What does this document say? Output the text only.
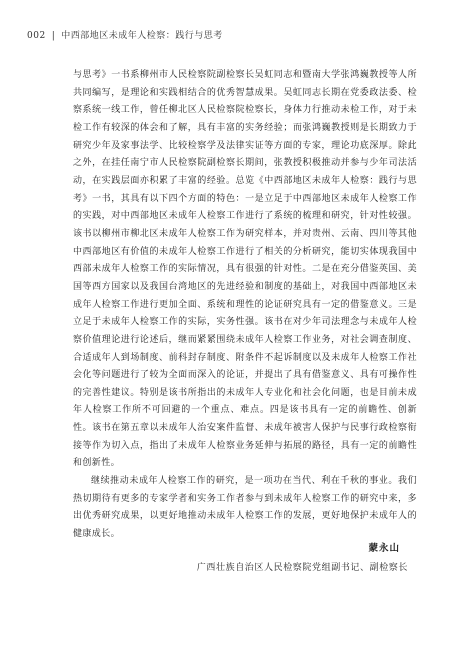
002 | 中西部地区未成年人检察：践行与思考

与思考》一书系柳州市人民检察院副检察长吴虹同志和暨南大学张鸿巍教授等人所共同编写，是理论和实践相结合的优秀智慧成果。吴虹同志长期在党委政法委、检察系统一线工作，曾任柳北区人民检察院检察长，身体力行推动未检工作，对于未检工作有较深的体会和了解，具有丰富的实务经验；而张鸿巍教授则是长期致力于研究少年及家事法学、比较检察学及法律实证等方面的专家，理论功底深厚。除此之外，在挂任南宁市人民检察院副检察长期间，张教授积极推动并参与少年司法活动，在实践层面亦积累了丰富的经验。总览《中西部地区未成年人检察：践行与思考》一书，其具有以下四个方面的特色：一是立足于中西部地区未成年人检察工作的实践，对中西部地区未成年人检察工作进行了系统的梳理和研究，针对性较强。该书以柳州市柳北区未成年人检察工作为研究样本，并对贵州、云南、四川等其他中西部地区有价值的未成年人检察工作进行了相关的分析研究，能切实体现我国中西部未成年人检察工作的实际情况，具有很强的针对性。二是在充分借鉴英国、美国等西方国家以及我国台湾地区的先进经验和制度的基础上，对我国中西部地区未成年人检察工作进行更加全面、系统和理性的论证研究具有一定的借鉴意义。三是立足于未成年人检察工作的实际，实务性强。该书在对少年司法理念与未成年人检察价值理论进行论述后，继而紧紧围绕未成年人检察工作业务，对社会调查制度、合适成年人到场制度、前科封存制度、附条件不起诉制度以及未成年人检察工作社会化等问题进行了较为全面而深入的论证，并提出了具有借鉴意义、具有可操作性的完善性建议。特别是该书所指出的未成年人专业化和社会化问题，也是目前未成年人检察工作所不可回避的一个重点、难点。四是该书具有一定的前瞻性、创新性。该书在第五章以未成年人治安案件监督、未成年被害人保护与民事行政检察衔接等作为切入点，指出了未成年人检察业务延伸与拓展的路径，具有一定的前瞻性和创新性。

继续推动未成年人检察工作的研究，是一项功在当代、利在千秋的事业。我们热切期待有更多的专家学者和实务工作者参与到未成年人检察工作的研究中来，多出优秀研究成果，以更好地推动未成年人检察工作的发展，更好地保护未成年人的健康成长。

蒙永山
广西壮族自治区人民检察院党组副书记、副检察长
